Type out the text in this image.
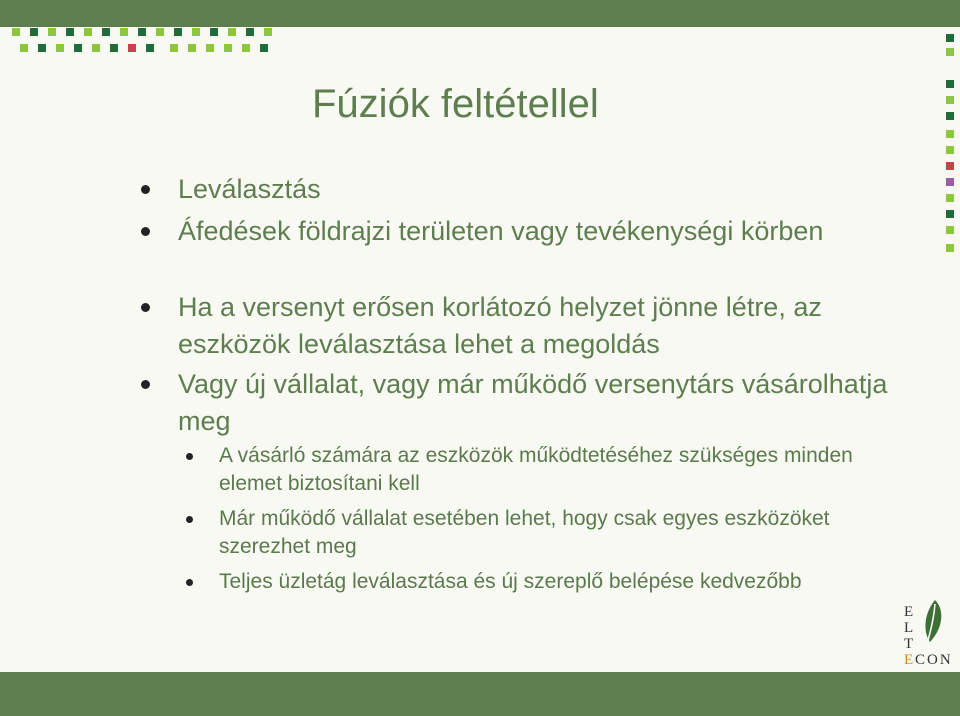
Fúziók feltétellel
Leválasztás
Áfedések földrajzi területen vagy tevékenységi körben
Ha a versenyt erősen korlátozó helyzet jönne létre, az eszközök leválasztása lehet a megoldás
Vagy új vállalat, vagy már működő versenytárs vásárolhatja meg
A vásárló számára az eszközök működtetéséhez szükséges minden elemet biztosítani kell
Már működő vállalat esetében lehet, hogy csak egyes eszközöket szerezhet meg
Teljes üzletág leválasztása és új szereplő belépése kedvezőbb
E
L
T
E CON
